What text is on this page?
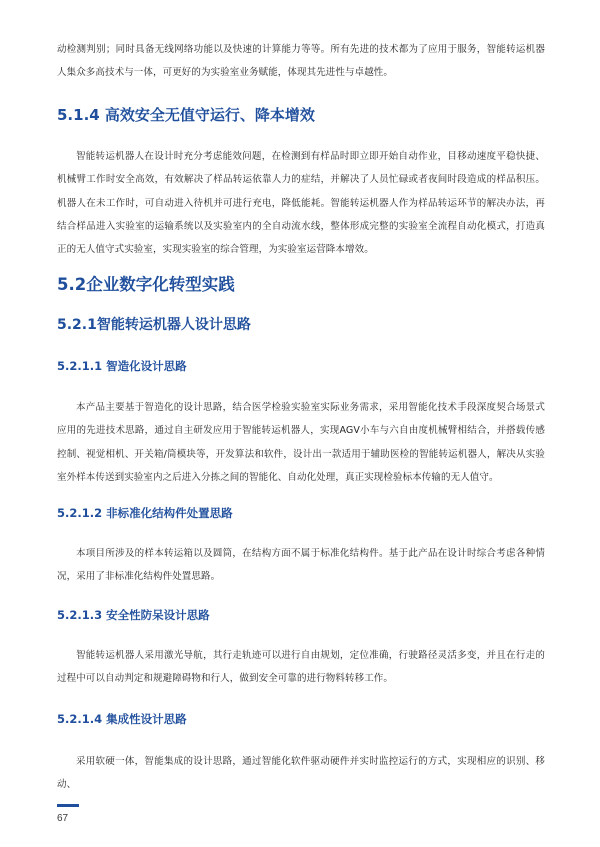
动检测判别；同时具备无线网络功能以及快速的计算能力等等。所有先进的技术都为了应用于服务，智能转运机器人集众多高技术与一体，可更好的为实验室业务赋能，体现其先进性与卓越性。

5.1.4 高效安全无值守运行、降本增效

智能转运机器人在设计时充分考虑能效问题，在检测到有样品时即立即开始自动作业，目移动速度平稳快捷、机械臂工作时安全高效，有效解决了样品转运依靠人力的症结，并解决了人员忙碌或者夜间时段造成的样品积压。机器人在未工作时，可自动进入待机并可进行充电，降低能耗。智能转运机器人作为样品转运环节的解决办法，再结合样品进入实验室的运输系统以及实验室内的全自动流水线，整体形成完整的实验室全流程自动化模式，打造真正的无人值守式实验室，实现实验室的综合管理，为实验室运营降本增效。

5.2企业数字化转型实践
5.2.1智能转运机器人设计思路
5.2.1.1 智造化设计思路

本产品主要基于智造化的设计思路，结合医学检验实验室实际业务需求，采用智能化技术手段深度契合场景式应用的先进技术思路，通过自主研发应用于智能转运机器人，实现AGV小车与六自由度机械臂相结合，并搭载传感控制、视觉相机、开关箱/筒模块等，开发算法和软件，设计出一款适用于辅助医检的智能转运机器人，解决从实验室外样本传送到实验室内之后进入分拣之间的智能化、自动化处理，真正实现检验标本传输的无人值守。

5.2.1.2 非标准化结构件处置思路

本项目所涉及的样本转运箱以及圆筒，在结构方面不属于标准化结构件。基于此产品在设计时综合考虑各种情况，采用了非标准化结构件处置思路。

5.2.1.3 安全性防呆设计思路

智能转运机器人采用激光导航，其行走轨迹可以进行自由规划，定位准确，行驶路径灵活多变，并且在行走的过程中可以自动判定和规避障碍物和行人，做到安全可靠的进行物料转移工作。

5.2.1.4 集成性设计思路

采用软硬一体，智能集成的设计思路，通过智能化软件驱动硬件并实时监控运行的方式，实现相应的识别、移动、

67
